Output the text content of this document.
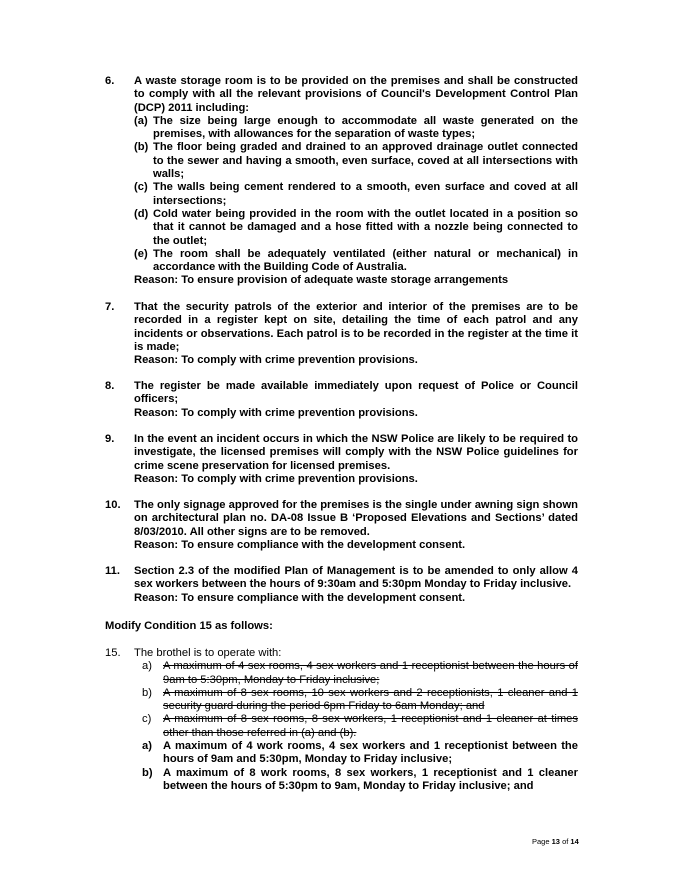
6. A waste storage room is to be provided on the premises and shall be constructed to comply with all the relevant provisions of Council's Development Control Plan (DCP) 2011 including:
(a) The size being large enough to accommodate all waste generated on the premises, with allowances for the separation of waste types;
(b) The floor being graded and drained to an approved drainage outlet connected to the sewer and having a smooth, even surface, coved at all intersections with walls;
(c) The walls being cement rendered to a smooth, even surface and coved at all intersections;
(d) Cold water being provided in the room with the outlet located in a position so that it cannot be damaged and a hose fitted with a nozzle being connected to the outlet;
(e) The room shall be adequately ventilated (either natural or mechanical) in accordance with the Building Code of Australia.
Reason: To ensure provision of adequate waste storage arrangements
7. That the security patrols of the exterior and interior of the premises are to be recorded in a register kept on site, detailing the time of each patrol and any incidents or observations. Each patrol is to be recorded in the register at the time it is made;
Reason: To comply with crime prevention provisions.
8. The register be made available immediately upon request of Police or Council officers;
Reason: To comply with crime prevention provisions.
9. In the event an incident occurs in which the NSW Police are likely to be required to investigate, the licensed premises will comply with the NSW Police guidelines for crime scene preservation for licensed premises.
Reason: To comply with crime prevention provisions.
10. The only signage approved for the premises is the single under awning sign shown on architectural plan no. DA-08 Issue B ‘Proposed Elevations and Sections’ dated 8/03/2010. All other signs are to be removed.
Reason: To ensure compliance with the development consent.
11. Section 2.3 of the modified Plan of Management is to be amended to only allow 4 sex workers between the hours of 9:30am and 5:30pm Monday to Friday inclusive.
Reason: To ensure compliance with the development consent.
Modify Condition 15 as follows:
15. The brothel is to operate with:
a) A maximum of 4 sex rooms, 4 sex workers and 1 receptionist between the hours of 9am to 5:30pm, Monday to Friday inclusive;
b) A maximum of 8 sex rooms, 10 sex workers and 2 receptionists, 1 cleaner and 1 security guard during the period 6pm Friday to 6am Monday; and
c) A maximum of 8 sex rooms, 8 sex workers, 1 receptionist and 1 cleaner at times other than those referred in (a) and (b).
a) A maximum of 4 work rooms, 4 sex workers and 1 receptionist between the hours of 9am and 5:30pm, Monday to Friday inclusive;
b) A maximum of 8 work rooms, 8 sex workers, 1 receptionist and 1 cleaner between the hours of 5:30pm to 9am, Monday to Friday inclusive; and
Page 13 of 14
